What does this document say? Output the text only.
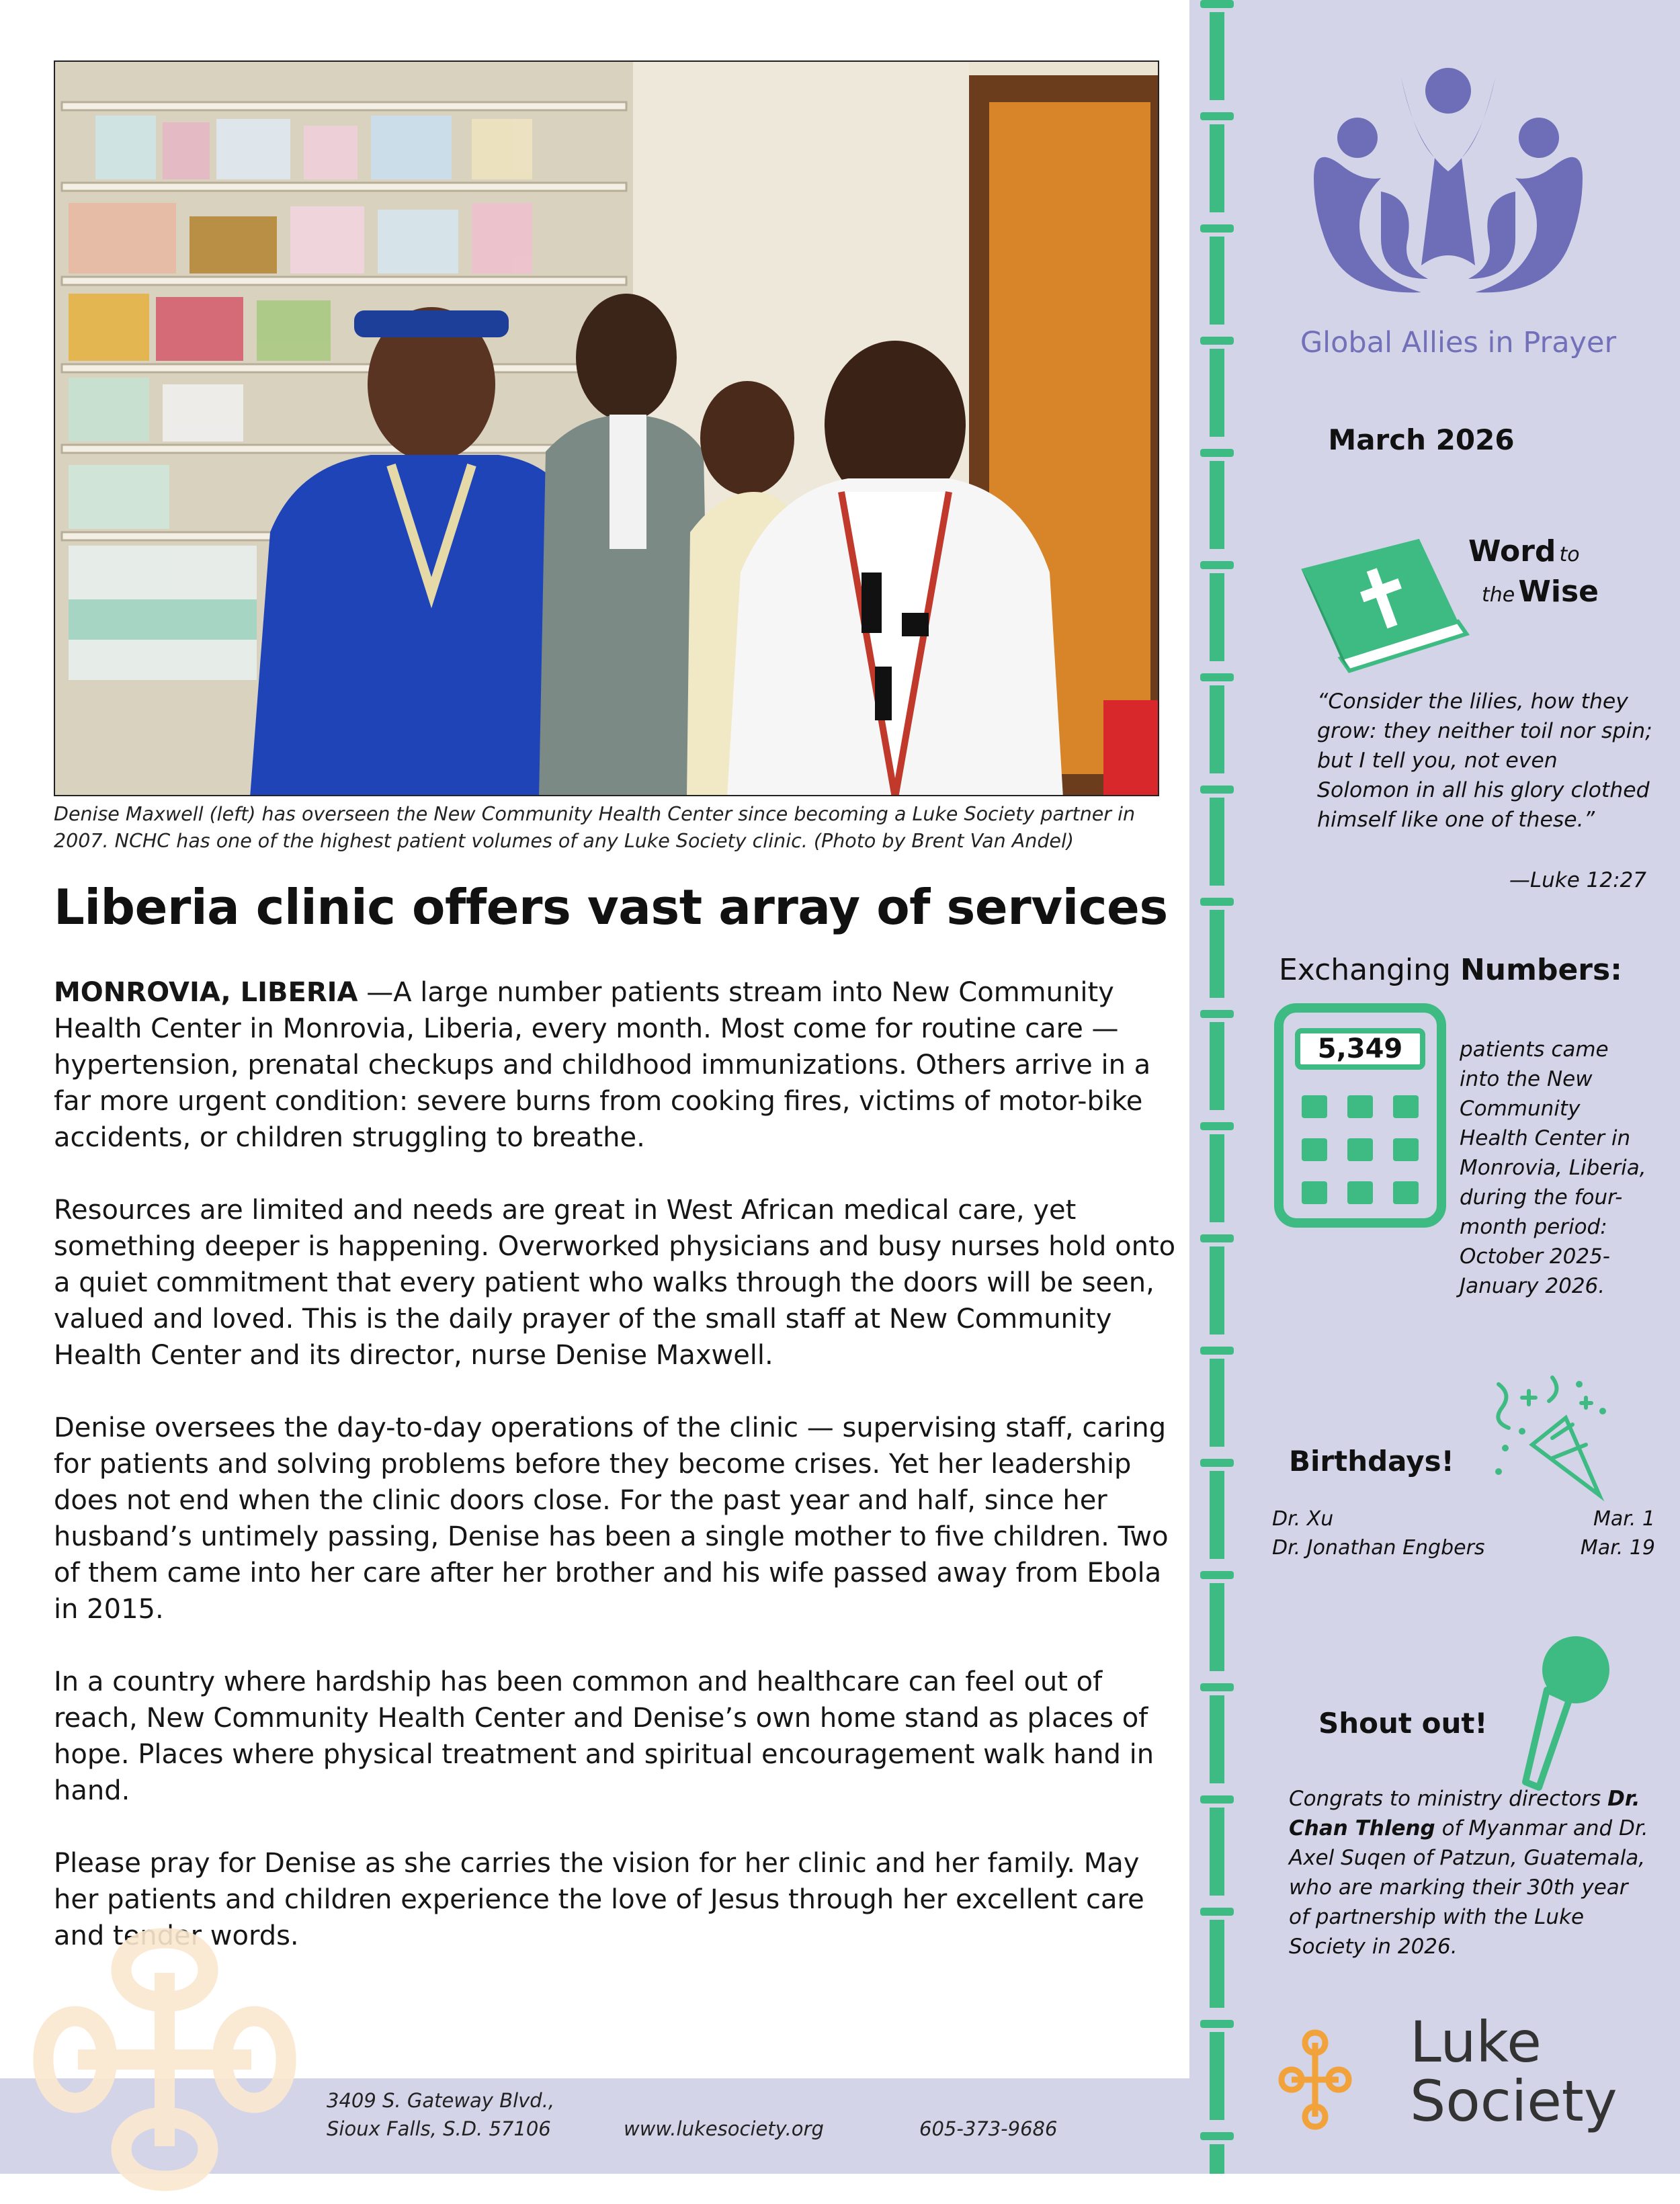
Denise Maxwell (left) has overseen the New Community Health Center since becoming a Luke Society partner in 2007. NCHC has one of the highest patient volumes of any Luke Society clinic. (Photo by Brent Van Andel)
Liberia clinic offers vast array of services

MONROVIA, LIBERIA —A large number patients stream into New Community Health Center in Monrovia, Liberia, every month. Most come for routine care — hypertension, prenatal checkups and childhood immunizations. Others arrive in a far more urgent condition: severe burns from cooking fires, victims of motor-bike accidents, or children struggling to breathe.

Resources are limited and needs are great in West African medical care, yet something deeper is happening. Overworked physicians and busy nurses hold onto a quiet commitment that every patient who walks through the doors will be seen, valued and loved. This is the daily prayer of the small staff at New Community Health Center and its director, nurse Denise Maxwell.

Denise oversees the day-to-day operations of the clinic — supervising staff, caring for patients and solving problems before they become crises. Yet her leadership does not end when the clinic doors close. For the past year and half, since her husband’s untimely passing, Denise has been a single mother to five children. Two of them came into her care after her brother and his wife passed away from Ebola in 2015.

In a country where hardship has been common and healthcare can feel out of reach, New Community Health Center and Denise’s own home stand as places of hope. Places where physical treatment and spiritual encouragement walk hand in hand.

Please pray for Denise as she carries the vision for her clinic and her family. May her patients and children experience the love of Jesus through her excellent care and tender words.

3409 S. Gateway Blvd.,
Sioux Falls, S.D. 57106	www.lukesociety.org	605-373-9686
Global Allies in Prayer
March 2026
Word to
the Wise
“Consider the lilies, how they grow: they neither toil nor spin; but I tell you, not even Solomon in all his glory clothed himself like one of these.”
—Luke 12:27
Exchanging Numbers:
5,349	patients came into the New Community Health Center in Monrovia, Liberia, during the four-month period: October 2025-January 2026.
Birthdays!
Dr. Xu	Mar. 1
Dr. Jonathan Engbers	Mar. 19
Shout out!
Congrats to ministry directors Dr. Chan Thleng of Myanmar and Dr. Axel Suqen of Patzun, Guatemala, who are marking their 30th year of partnership with the Luke Society in 2026.
Luke
Society
